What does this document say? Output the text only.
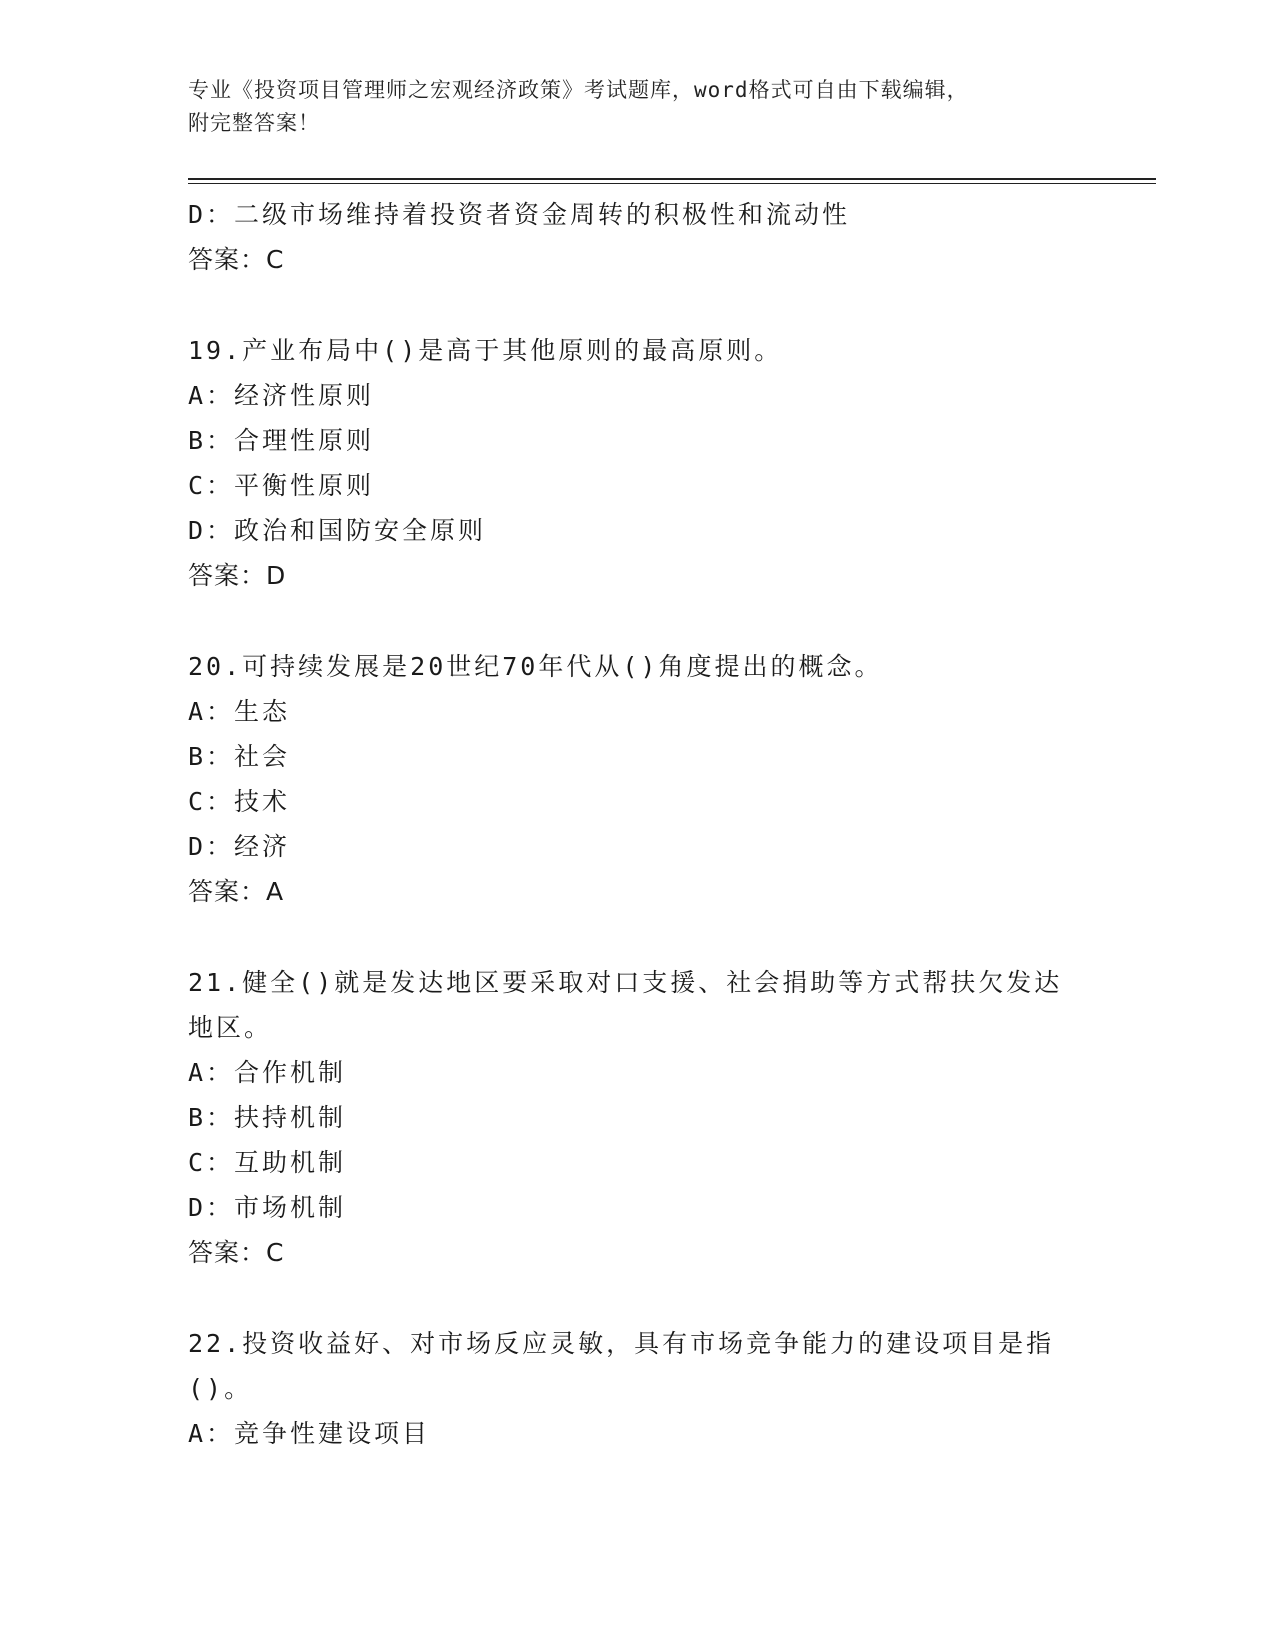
专业《投资项目管理师之宏观经济政策》考试题库，word格式可自由下载编辑，
附完整答案！
D：二级市场维持着投资者资金周转的积极性和流动性
答案：C
19.产业布局中()是高于其他原则的最高原则。
A：经济性原则
B：合理性原则
C：平衡性原则
D：政治和国防安全原则
答案：D
20.可持续发展是20世纪70年代从()角度提出的概念。
A：生态
B：社会
C：技术
D：经济
答案：A
21.健全()就是发达地区要采取对口支援、社会捐助等方式帮扶欠发达
地区。
A：合作机制
B：扶持机制
C：互助机制
D：市场机制
答案：C
22.投资收益好、对市场反应灵敏，具有市场竞争能力的建设项目是指
()。
A：竞争性建设项目
